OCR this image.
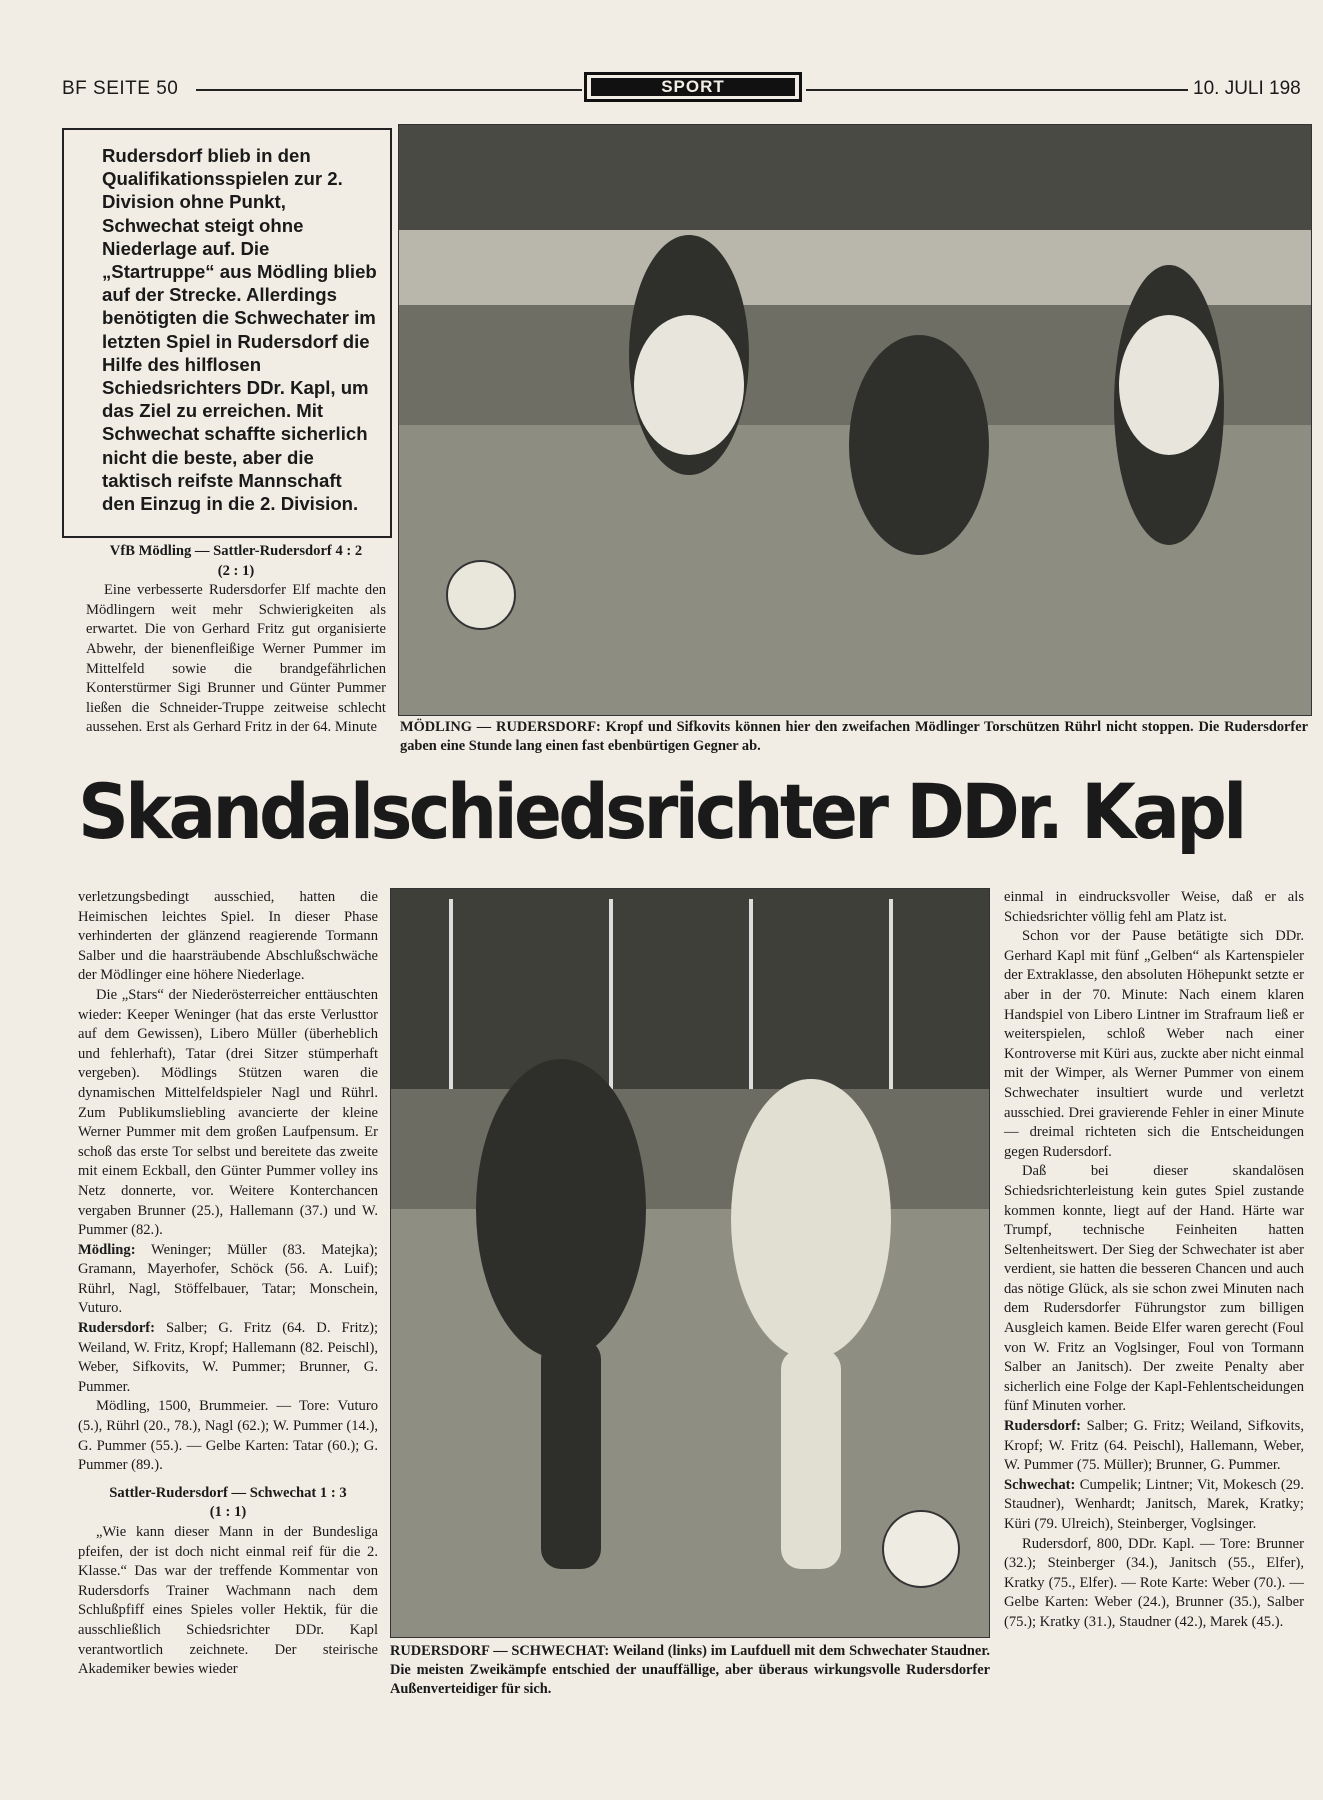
BF SEITE 50	SPORT	10. JULI 198
Rudersdorf blieb in den Qualifikationsspielen zur 2. Division ohne Punkt, Schwechat steigt ohne Niederlage auf. Die „Startruppe“ aus Mödling blieb auf der Strecke. Allerdings benötigten die Schwechater im letzten Spiel in Rudersdorf die Hilfe des hilflosen Schiedsrichters DDr. Kapl, um das Ziel zu erreichen. Mit Schwechat schaffte sicherlich nicht die beste, aber die taktisch reifste Mannschaft den Einzug in die 2. Division.
VfB Mödling — Sattler-Rudersdorf 4 : 2
(2 : 1)
Eine verbesserte Rudersdorfer Elf machte den Mödlingern weit mehr Schwierigkeiten als erwartet. Die von Gerhard Fritz gut organisierte Abwehr, der bienenfleißige Werner Pummer im Mittelfeld sowie die brandgefährlichen Konterstürmer Sigi Brunner und Günter Pummer ließen die Schneider-Truppe zeitweise schlecht aussehen. Erst als Gerhard Fritz in der 64. Minute	MÖDLING — RUDERSDORF: Kropf und Sifkovits können hier den zweifachen Mödlinger Torschützen Rührl nicht stoppen. Die Rudersdorfer gaben eine Stunde lang einen fast ebenbürtigen Gegner ab.
Skandalschiedsrichter DDr. Kapl

verletzungsbedingt ausschied, hatten die Heimischen leichtes Spiel. In dieser Phase verhinderten der glänzend reagierende Tormann Salber und die haarsträubende Abschlußschwäche der Mödlinger eine höhere Niederlage.

Die „Stars“ der Niederösterreicher enttäuschten wieder: Keeper Weninger (hat das erste Verlusttor auf dem Gewissen), Libero Müller (überheblich und fehlerhaft), Tatar (drei Sitzer stümperhaft vergeben). Mödlings Stützen waren die dynamischen Mittelfeldspieler Nagl und Rührl. Zum Publikumsliebling avancierte der kleine Werner Pummer mit dem großen Laufpensum. Er schoß das erste Tor selbst und bereitete das zweite mit einem Eckball, den Günter Pummer volley ins Netz donnerte, vor. Weitere Konterchancen vergaben Brunner (25.), Hallemann (37.) und W. Pummer (82.).

Mödling: Weninger; Müller (83. Matejka); Gramann, Mayerhofer, Schöck (56. A. Luif); Rührl, Nagl, Stöffelbauer, Tatar; Monschein, Vuturo.

Rudersdorf: Salber; G. Fritz (64. D. Fritz); Weiland, W. Fritz, Kropf; Hallemann (82. Peischl), Weber, Sifkovits, W. Pummer; Brunner, G. Pummer.

Mödling, 1500, Brummeier. — Tore: Vuturo (5.), Rührl (20., 78.), Nagl (62.); W. Pummer (14.), G. Pummer (55.). — Gelbe Karten: Tatar (60.); G. Pummer (89.).

Sattler-Rudersdorf — Schwechat 1 : 3
(1 : 1)

„Wie kann dieser Mann in der Bundesliga pfeifen, der ist doch nicht einmal reif für die 2. Klasse.“ Das war der treffende Kommentar von Rudersdorfs Trainer Wachmann nach dem Schlußpfiff eines Spieles voller Hektik, für die ausschließlich Schiedsrichter DDr. Kapl verantwortlich zeichnete. Der steirische Akademiker bewies wieder

RUDERSDORF — SCHWECHAT: Weiland (links) im Laufduell mit dem Schwechater Staudner. Die meisten Zweikämpfe entschied der unauffällige, aber überaus wirkungsvolle Rudersdorfer Außenverteidiger für sich.

einmal in eindrucksvoller Weise, daß er als Schiedsrichter völlig fehl am Platz ist.

Schon vor der Pause betätigte sich DDr. Gerhard Kapl mit fünf „Gelben“ als Kartenspieler der Extraklasse, den absoluten Höhepunkt setzte er aber in der 70. Minute: Nach einem klaren Handspiel von Libero Lintner im Strafraum ließ er weiterspielen, schloß Weber nach einer Kontroverse mit Küri aus, zuckte aber nicht einmal mit der Wimper, als Werner Pummer von einem Schwechater insultiert wurde und verletzt ausschied. Drei gravierende Fehler in einer Minute — dreimal richteten sich die Entscheidungen gegen Rudersdorf.

Daß bei dieser skandalösen Schiedsrichterleistung kein gutes Spiel zustande kommen konnte, liegt auf der Hand. Härte war Trumpf, technische Feinheiten hatten Seltenheitswert. Der Sieg der Schwechater ist aber verdient, sie hatten die besseren Chancen und auch das nötige Glück, als sie schon zwei Minuten nach dem Rudersdorfer Führungstor zum billigen Ausgleich kamen. Beide Elfer waren gerecht (Foul von W. Fritz an Voglsinger, Foul von Tormann Salber an Janitsch). Der zweite Penalty aber sicherlich eine Folge der Kapl-Fehlentscheidungen fünf Minuten vorher.

Rudersdorf: Salber; G. Fritz; Weiland, Sifkovits, Kropf; W. Fritz (64. Peischl), Hallemann, Weber, W. Pummer (75. Müller); Brunner, G. Pummer.

Schwechat: Cumpelik; Lintner; Vit, Mokesch (29. Staudner), Wenhardt; Janitsch, Marek, Kratky; Küri (79. Ulreich), Steinberger, Voglsinger.

Rudersdorf, 800, DDr. Kapl. — Tore: Brunner (32.); Steinberger (34.), Janitsch (55., Elfer), Kratky (75., Elfer). — Rote Karte: Weber (70.). — Gelbe Karten: Weber (24.), Brunner (35.), Salber (75.); Kratky (31.), Staudner (42.), Marek (45.).
